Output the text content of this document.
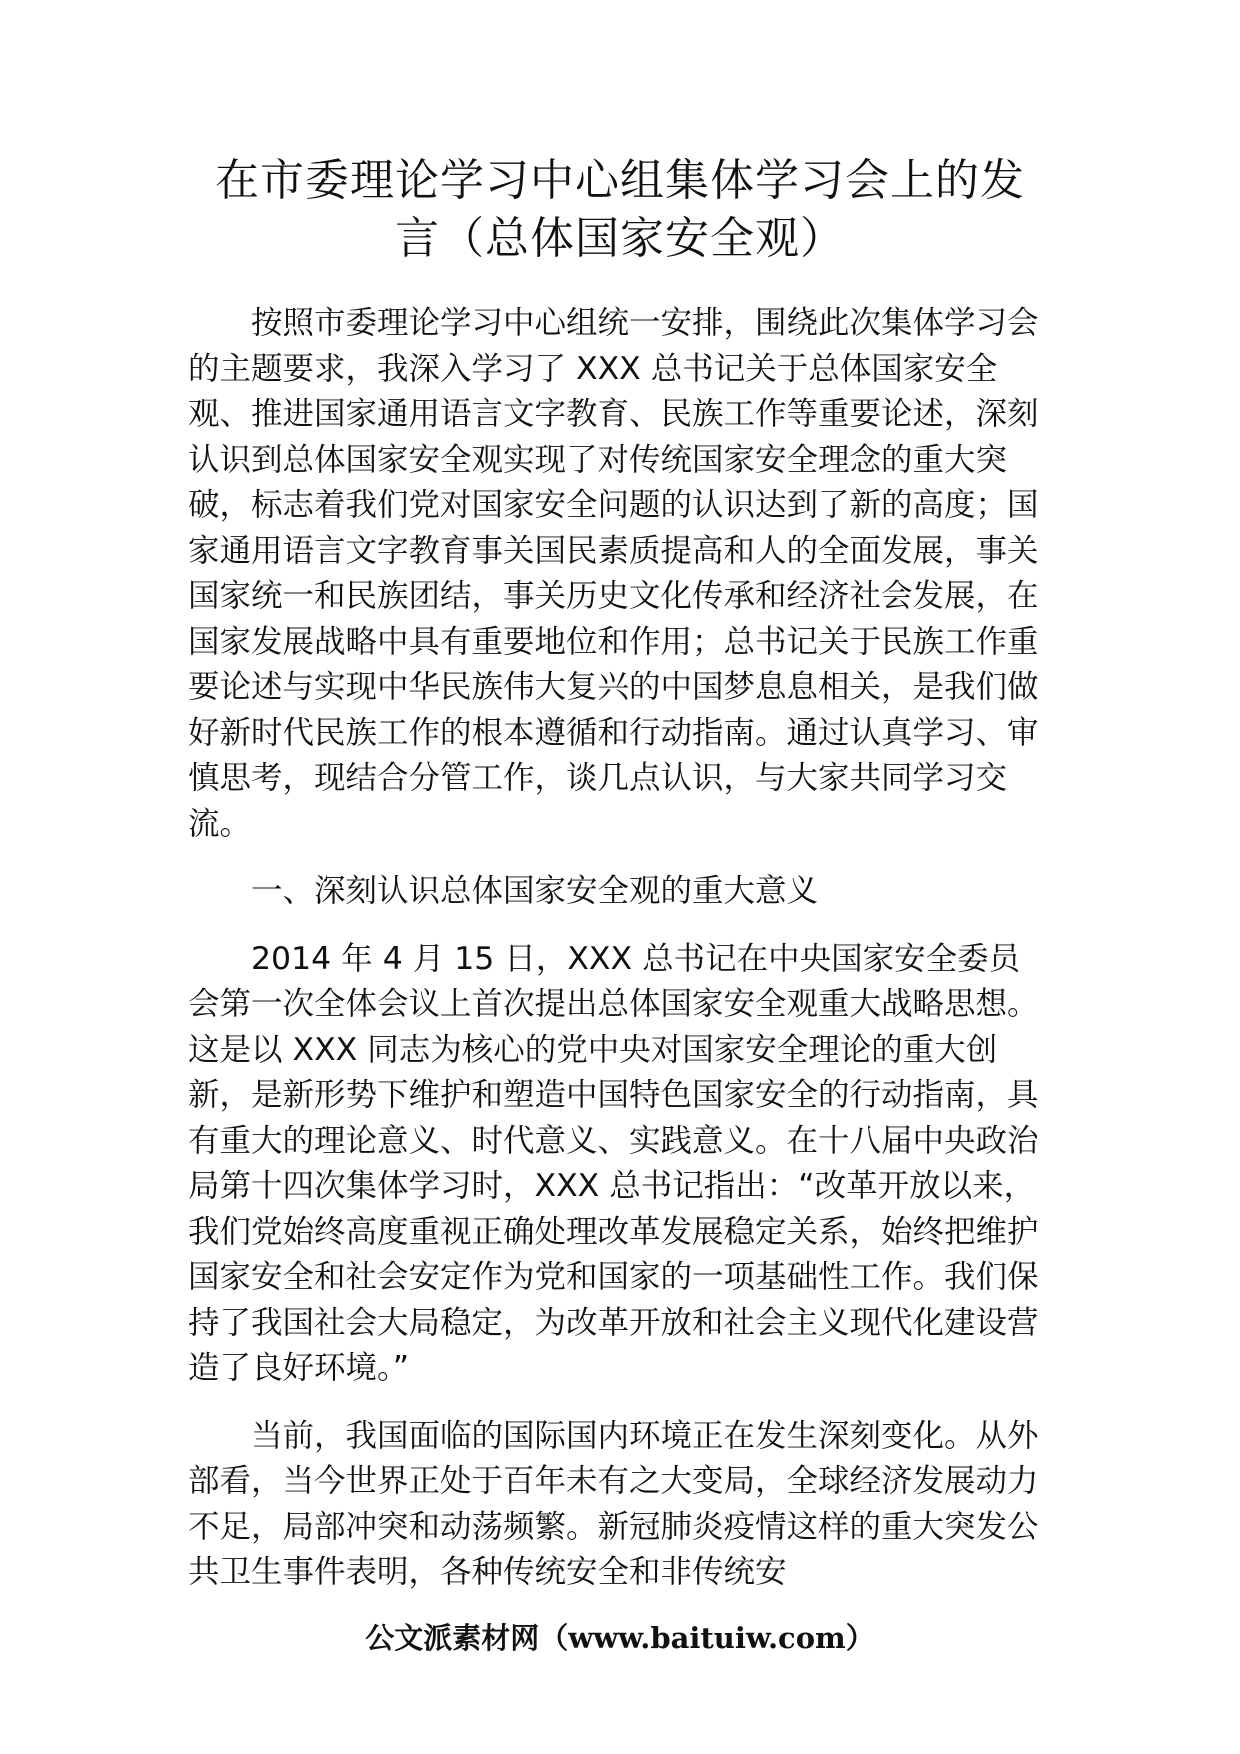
在市委理论学习中心组集体学习会上的发
言（总体国家安全观）

按照市委理论学习中心组统一安排，围绕此次集体学习会的主题要求，我深入学习了 XXX 总书记关于总体国家安全观、推进国家通用语言文字教育、民族工作等重要论述，深刻认识到总体国家安全观实现了对传统国家安全理念的重大突破，标志着我们党对国家安全问题的认识达到了新的高度；国家通用语言文字教育事关国民素质提高和人的全面发展，事关国家统一和民族团结，事关历史文化传承和经济社会发展，在国家发展战略中具有重要地位和作用；总书记关于民族工作重要论述与实现中华民族伟大复兴的中国梦息息相关，是我们做好新时代民族工作的根本遵循和行动指南。通过认真学习、审慎思考，现结合分管工作，谈几点认识，与大家共同学习交流。

一、深刻认识总体国家安全观的重大意义

2014 年 4 月 15 日，XXX 总书记在中央国家安全委员会第一次全体会议上首次提出总体国家安全观重大战略思想。这是以 XXX 同志为核心的党中央对国家安全理论的重大创新，是新形势下维护和塑造中国特色国家安全的行动指南，具有重大的理论意义、时代意义、实践意义。在十八届中央政治局第十四次集体学习时，XXX 总书记指出：“改革开放以来，我们党始终高度重视正确处理改革发展稳定关系，始终把维护国家安全和社会安定作为党和国家的一项基础性工作。我们保持了我国社会大局稳定，为改革开放和社会主义现代化建设营造了良好环境。”

当前，我国面临的国际国内环境正在发生深刻变化。从外部看，当今世界正处于百年未有之大变局，全球经济发展动力不足，局部冲突和动荡频繁。新冠肺炎疫情这样的重大突发公共卫生事件表明，各种传统安全和非传统安

公文派素材网（www.baituiw.com）
